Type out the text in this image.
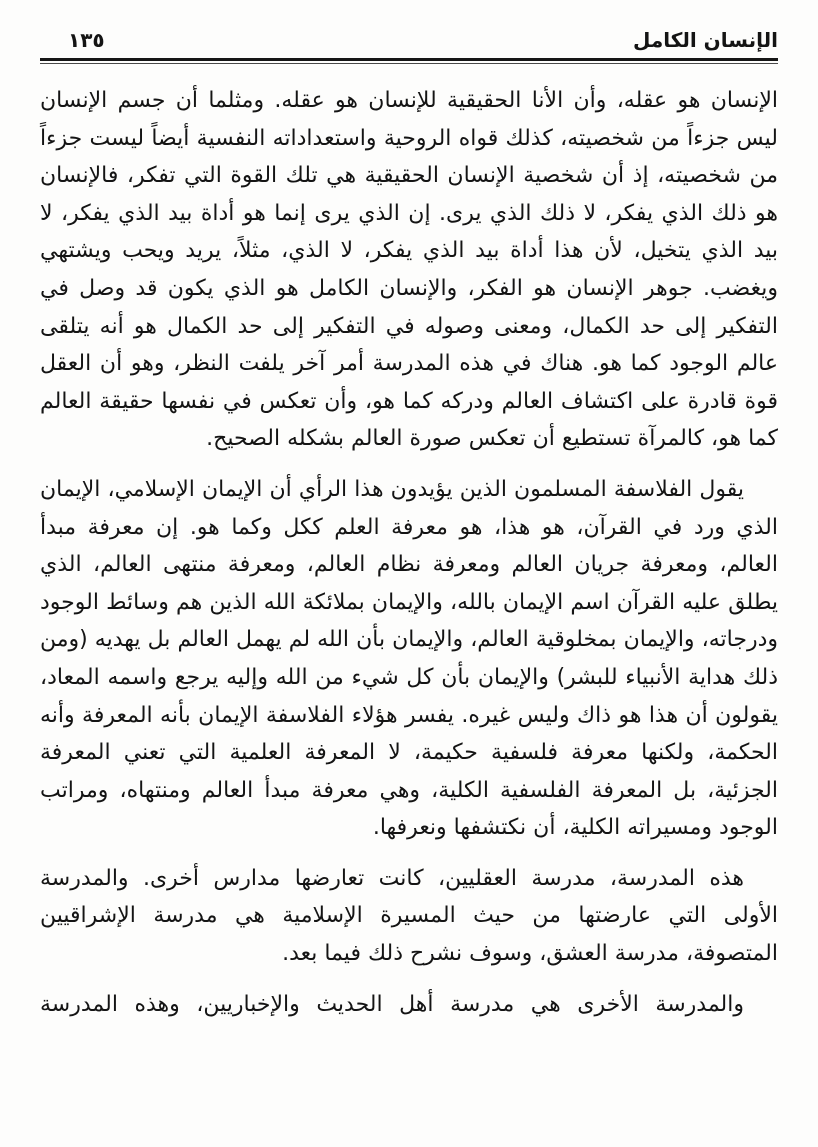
الإنسان الكامل
١٣٥

الإنسان هو عقله، وأن الأنا الحقيقية للإنسان هو عقله. ومثلما أن جسم الإنسان ليس جزءاً من شخصيته، كذلك قواه الروحية واستعداداته النفسية أيضاً ليست جزءاً من شخصيته، إذ أن شخصية الإنسان الحقيقية هي تلك القوة التي تفكر، فالإنسان هو ذلك الذي يفكر، لا ذلك الذي يرى. إن الذي يرى إنما هو أداة بيد الذي يفكر، لا بيد الذي يتخيل، لأن هذا أداة بيد الذي يفكر، لا الذي، مثلاً، يريد ويحب ويشتهي ويغضب. جوهر الإنسان هو الفكر، والإنسان الكامل هو الذي يكون قد وصل في التفكير إلى حد الكمال، ومعنى وصوله في التفكير إلى حد الكمال هو أنه يتلقى عالم الوجود كما هو. هناك في هذه المدرسة أمر آخر يلفت النظر، وهو أن العقل قوة قادرة على اكتشاف العالم ودركه كما هو، وأن تعكس في نفسها حقيقة العالم كما هو، كالمرآة تستطيع أن تعكس صورة العالم بشكله الصحيح.

يقول الفلاسفة المسلمون الذين يؤيدون هذا الرأي أن الإيمان الإسلامي، الإيمان الذي ورد في القرآن، هو هذا، هو معرفة العلم ككل وكما هو. إن معرفة مبدأ العالم، ومعرفة جريان العالم ومعرفة نظام العالم، ومعرفة منتهى العالم، الذي يطلق عليه القرآن اسم الإيمان بالله، والإيمان بملائكة الله الذين هم وسائط الوجود ودرجاته، والإيمان بمخلوقية العالم، والإيمان بأن الله لم يهمل العالم بل يهديه (ومن ذلك هداية الأنبياء للبشر) والإيمان بأن كل شيء من الله وإليه يرجع واسمه المعاد، يقولون أن هذا هو ذاك وليس غيره. يفسر هؤلاء الفلاسفة الإيمان بأنه المعرفة وأنه الحكمة، ولكنها معرفة فلسفية حكيمة، لا المعرفة العلمية التي تعني المعرفة الجزئية، بل المعرفة الفلسفية الكلية، وهي معرفة مبدأ العالم ومنتهاه، ومراتب الوجود ومسيراته الكلية، أن نكتشفها ونعرفها.

هذه المدرسة، مدرسة العقليين، كانت تعارضها مدارس أخرى. والمدرسة الأولى التي عارضتها من حيث المسيرة الإسلامية هي مدرسة الإشراقيين المتصوفة، مدرسة العشق، وسوف نشرح ذلك فيما بعد.

والمدرسة الأخرى هي مدرسة أهل الحديث والإخباريين، وهذه المدرسة
